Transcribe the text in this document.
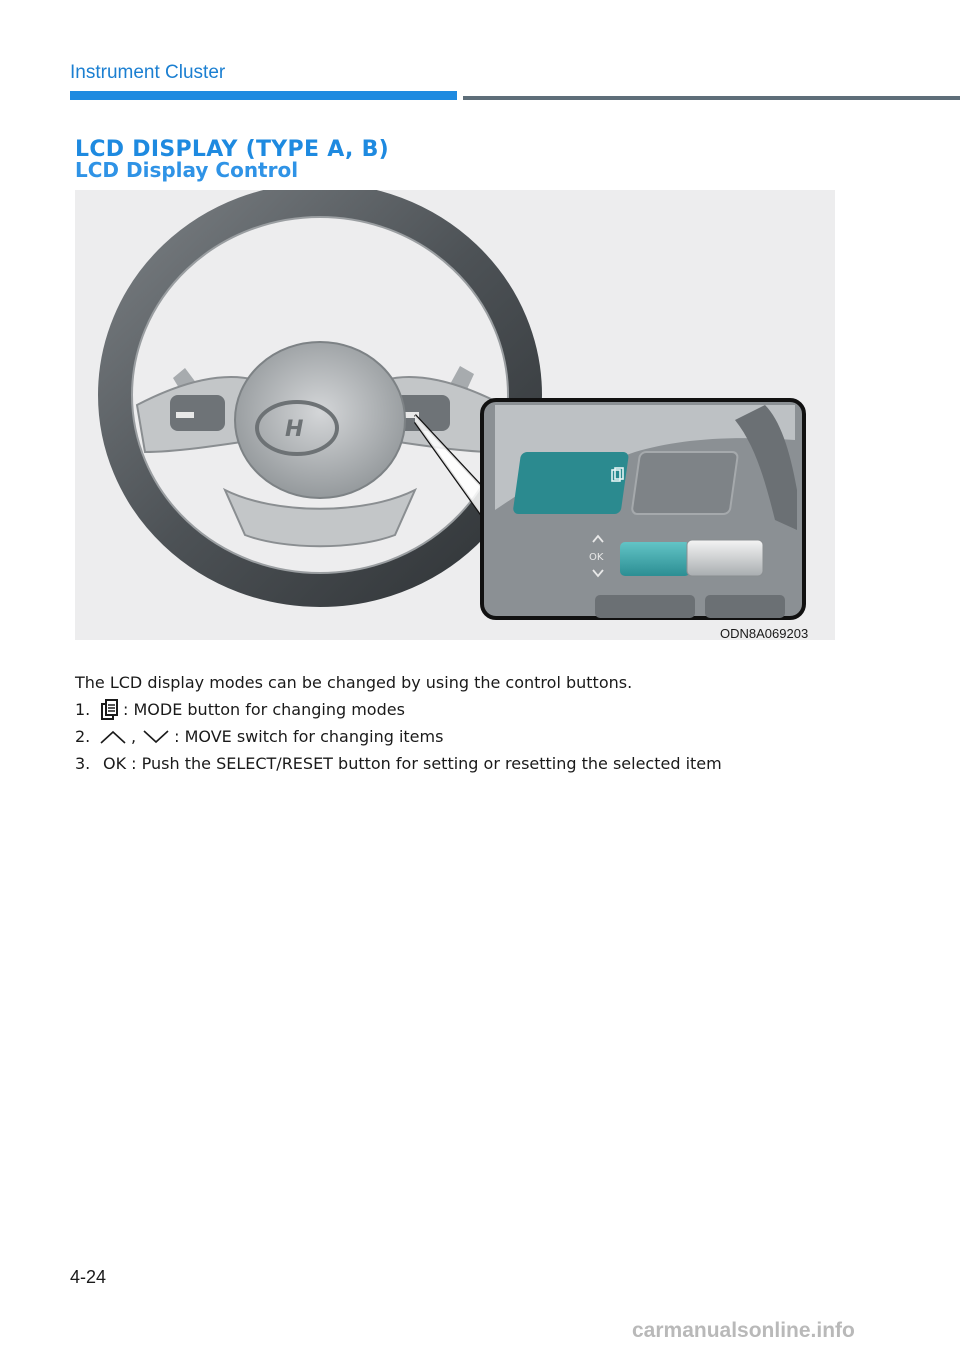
Instrument Cluster
LCD DISPLAY (TYPE A, B)
LCD Display Control
H
OK
ODN8A069203

The LCD display modes can be changed by using the control buttons.

1.	: MODE button for changing modes
2.	, : MOVE switch for changing items
3. OK : Push the SELECT/RESET button for setting or resetting the selected item
4-24
carmanualsonline.info
